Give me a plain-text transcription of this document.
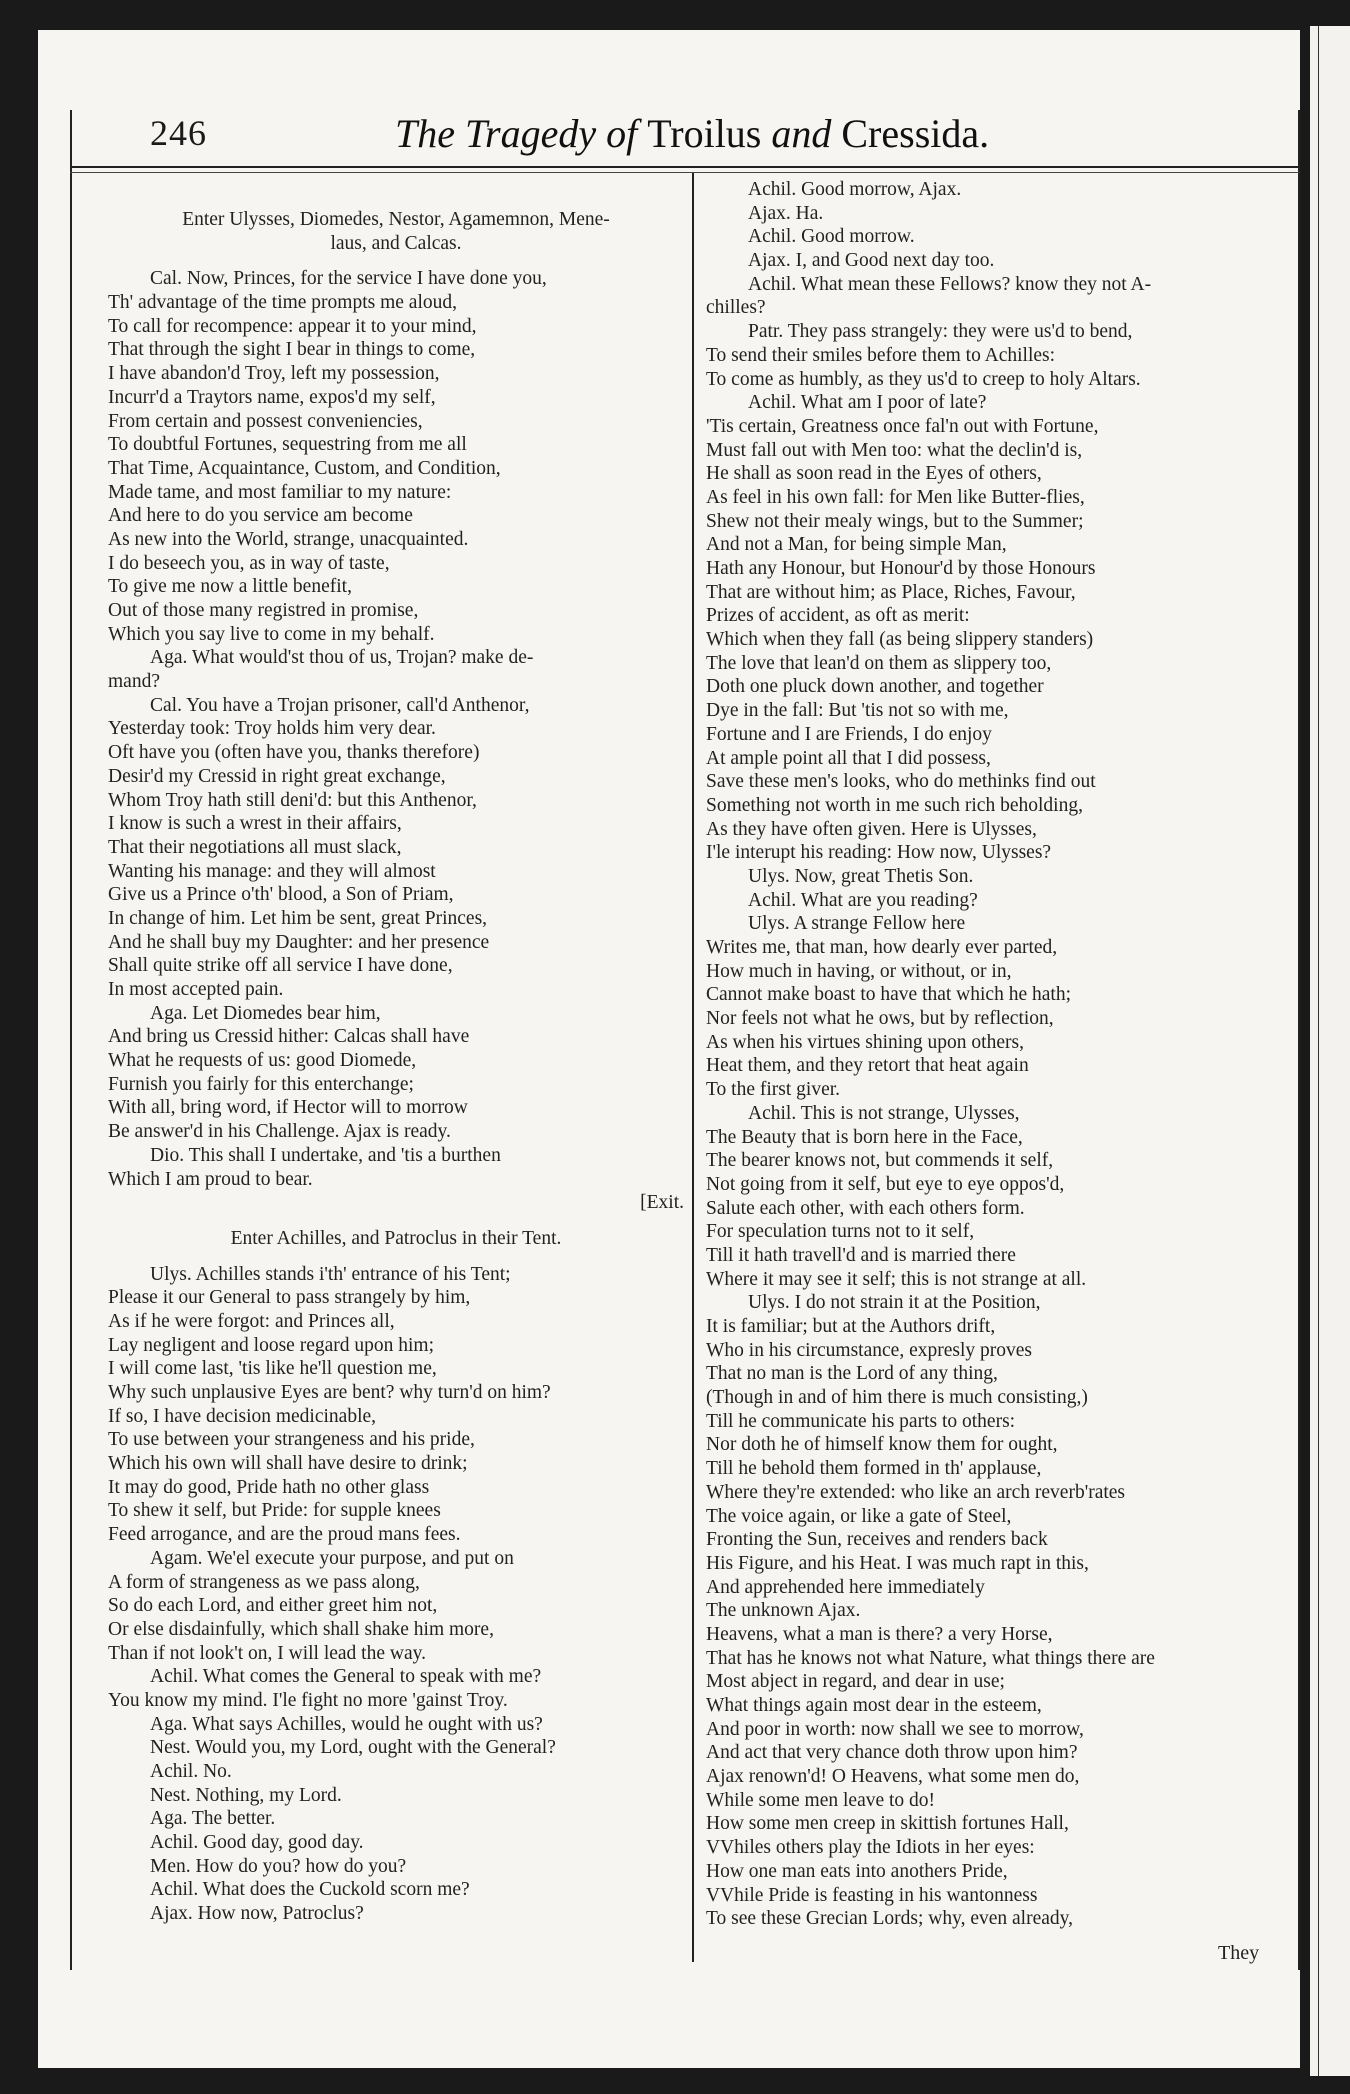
246	The Tragedy of Troilus and Cressida.
Enter Ulysses, Diomedes, Nestor, Agamemnon, Mene-
laus, and Calcas.
Cal. Now, Princes, for the service I have done you,
Th' advantage of the time prompts me aloud,
To call for recompence: appear it to your mind,
That through the sight I bear in things to come,
I have abandon'd Troy, left my possession,
Incurr'd a Traytors name, expos'd my self,
From certain and possest conveniencies,
To doubtful Fortunes, sequestring from me all
That Time, Acquaintance, Custom, and Condition,
Made tame, and most familiar to my nature:
And here to do you service am become
As new into the World, strange, unacquainted.
I do beseech you, as in way of taste,
To give me now a little benefit,
Out of those many registred in promise,
Which you say live to come in my behalf.
Aga. What would'st thou of us, Trojan? make de-
mand?
Cal. You have a Trojan prisoner, call'd Anthenor,
Yesterday took: Troy holds him very dear.
Oft have you (often have you, thanks therefore)
Desir'd my Cressid in right great exchange,
Whom Troy hath still deni'd: but this Anthenor,
I know is such a wrest in their affairs,
That their negotiations all must slack,
Wanting his manage: and they will almost
Give us a Prince o'th' blood, a Son of Priam,
In change of him. Let him be sent, great Princes,
And he shall buy my Daughter: and her presence
Shall quite strike off all service I have done,
In most accepted pain.
Aga. Let Diomedes bear him,
And bring us Cressid hither: Calcas shall have
What he requests of us: good Diomede,
Furnish you fairly for this enterchange;
With all, bring word, if Hector will to morrow
Be answer'd in his Challenge. Ajax is ready.
Dio. This shall I undertake, and 'tis a burthen
Which I am proud to bear.
[Exit.
Enter Achilles, and Patroclus in their Tent.
Ulys. Achilles stands i'th' entrance of his Tent;
Please it our General to pass strangely by him,
As if he were forgot: and Princes all,
Lay negligent and loose regard upon him;
I will come last, 'tis like he'll question me,
Why such unplausive Eyes are bent? why turn'd on him?
If so, I have decision medicinable,
To use between your strangeness and his pride,
Which his own will shall have desire to drink;
It may do good, Pride hath no other glass
To shew it self, but Pride: for supple knees
Feed arrogance, and are the proud mans fees.
Agam. We'el execute your purpose, and put on
A form of strangeness as we pass along,
So do each Lord, and either greet him not,
Or else disdainfully, which shall shake him more,
Than if not look't on, I will lead the way.
Achil. What comes the General to speak with me?
You know my mind. I'le fight no more 'gainst Troy.
Aga. What says Achilles, would he ought with us?
Nest. Would you, my Lord, ought with the General?
Achil. No.
Nest. Nothing, my Lord.
Aga. The better.
Achil. Good day, good day.
Men. How do you? how do you?
Achil. What does the Cuckold scorn me?
Ajax. How now, Patroclus?
Achil. Good morrow, Ajax.
Ajax. Ha.
Achil. Good morrow.
Ajax. I, and Good next day too.
Achil. What mean these Fellows? know they not A-
chilles?
Patr. They pass strangely: they were us'd to bend,
To send their smiles before them to Achilles:
To come as humbly, as they us'd to creep to holy Altars.
Achil. What am I poor of late?
'Tis certain, Greatness once fal'n out with Fortune,
Must fall out with Men too: what the declin'd is,
He shall as soon read in the Eyes of others,
As feel in his own fall: for Men like Butter-flies,
Shew not their mealy wings, but to the Summer;
And not a Man, for being simple Man,
Hath any Honour, but Honour'd by those Honours
That are without him; as Place, Riches, Favour,
Prizes of accident, as oft as merit:
Which when they fall (as being slippery standers)
The love that lean'd on them as slippery too,
Doth one pluck down another, and together
Dye in the fall: But 'tis not so with me,
Fortune and I are Friends, I do enjoy
At ample point all that I did possess,
Save these men's looks, who do methinks find out
Something not worth in me such rich beholding,
As they have often given. Here is Ulysses,
I'le interupt his reading: How now, Ulysses?
Ulys. Now, great Thetis Son.
Achil. What are you reading?
Ulys. A strange Fellow here
Writes me, that man, how dearly ever parted,
How much in having, or without, or in,
Cannot make boast to have that which he hath;
Nor feels not what he ows, but by reflection,
As when his virtues shining upon others,
Heat them, and they retort that heat again
To the first giver.
Achil. This is not strange, Ulysses,
The Beauty that is born here in the Face,
The bearer knows not, but commends it self,
Not going from it self, but eye to eye oppos'd,
Salute each other, with each others form.
For speculation turns not to it self,
Till it hath travell'd and is married there
Where it may see it self; this is not strange at all.
Ulys. I do not strain it at the Position,
It is familiar; but at the Authors drift,
Who in his circumstance, expresly proves
That no man is the Lord of any thing,
(Though in and of him there is much consisting,)
Till he communicate his parts to others:
Nor doth he of himself know them for ought,
Till he behold them formed in th' applause,
Where they're extended: who like an arch reverb'rates
The voice again, or like a gate of Steel,
Fronting the Sun, receives and renders back
His Figure, and his Heat. I was much rapt in this,
And apprehended here immediately
The unknown Ajax.
Heavens, what a man is there? a very Horse,
That has he knows not what Nature, what things there are
Most abject in regard, and dear in use;
What things again most dear in the esteem,
And poor in worth: now shall we see to morrow,
And act that very chance doth throw upon him?
Ajax renown'd! O Heavens, what some men do,
While some men leave to do!
How some men creep in skittish fortunes Hall,
VVhiles others play the Idiots in her eyes:
How one man eats into anothers Pride,
VVhile Pride is feasting in his wantonness
To see these Grecian Lords; why, even already,
They
